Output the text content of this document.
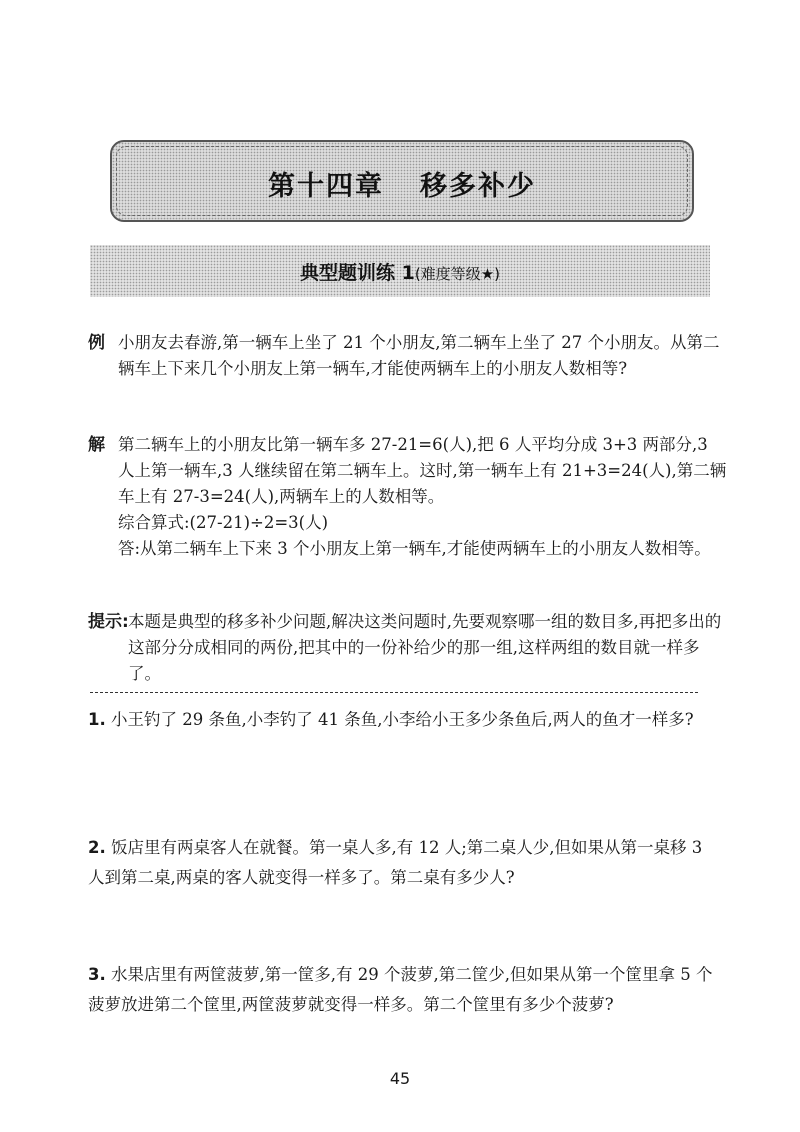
第十四章 移多补少
典型题训练 1(难度等级★)
例 小朋友去春游,第一辆车上坐了 21 个小朋友,第二辆车上坐了 27 个小朋友。从第二辆车上下来几个小朋友上第一辆车,才能使两辆车上的小朋友人数相等?
解 第二辆车上的小朋友比第一辆车多 27-21=6(人),把 6 人平均分成 3+3 两部分,3 人上第一辆车,3 人继续留在第二辆车上。这时,第一辆车上有 21+3=24(人),第二辆车上有 27-3=24(人),两辆车上的人数相等。
综合算式:(27-21)÷2=3(人)
答:从第二辆车上下来 3 个小朋友上第一辆车,才能使两辆车上的小朋友人数相等。
提示: 本题是典型的移多补少问题,解决这类问题时,先要观察哪一组的数目多,再把多出的这部分分成相同的两份,把其中的一份补给少的那一组,这样两组的数目就一样多了。
1. 小王钓了 29 条鱼,小李钓了 41 条鱼,小李给小王多少条鱼后,两人的鱼才一样多?
2. 饭店里有两桌客人在就餐。第一桌人多,有 12 人;第二桌人少,但如果从第一桌移 3 人到第二桌,两桌的客人就变得一样多了。第二桌有多少人?
3. 水果店里有两筐菠萝,第一筐多,有 29 个菠萝,第二筐少,但如果从第一个筐里拿 5 个菠萝放进第二个筐里,两筐菠萝就变得一样多。第二个筐里有多少个菠萝?
45
